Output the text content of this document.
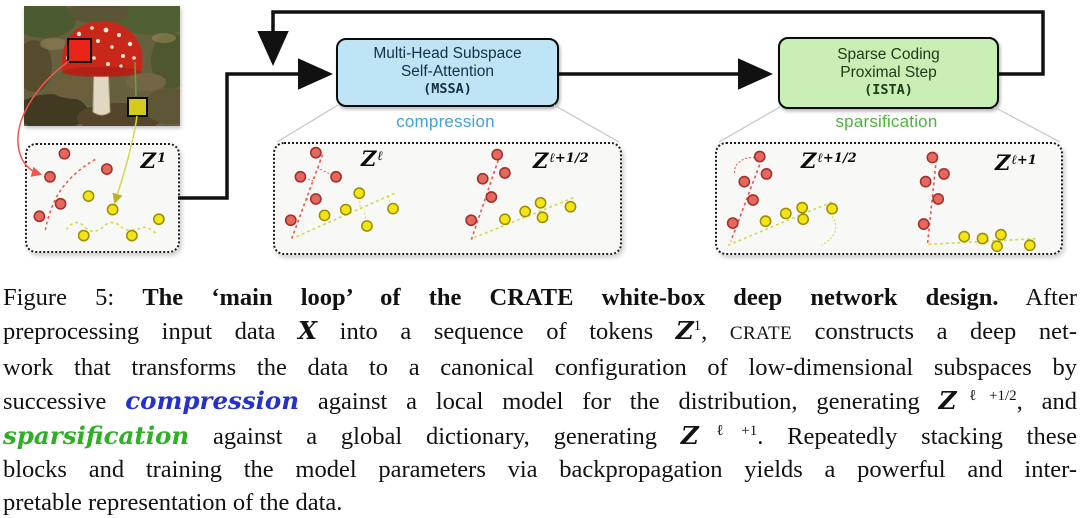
Multi-Head Subspace
Self-Attention
(MSSA)
compression
Sparse Coding
Proximal Step
(ISTA)
sparsification
$Z^1$	$Z^\ell$	$Z^{\ell+1/2}$	$Z^{\ell+1/2}$	$Z^{\ell+1}$
Figure 5: The ‘main loop’ of the CRATE white-box deep network design. After
preprocessing input data X into a sequence of tokens $Z^1$, CRATE constructs a deep net-
work that transforms the data to a canonical configuration of low-dimensional subspaces by
successive compression against a local model for the distribution, generating $Z^{\ell+1/2}$, and
sparsification against a global dictionary, generating $Z^{\ell+1}$. Repeatedly stacking these
blocks and training the model parameters via backpropagation yields a powerful and inter-
pretable representation of the data.
